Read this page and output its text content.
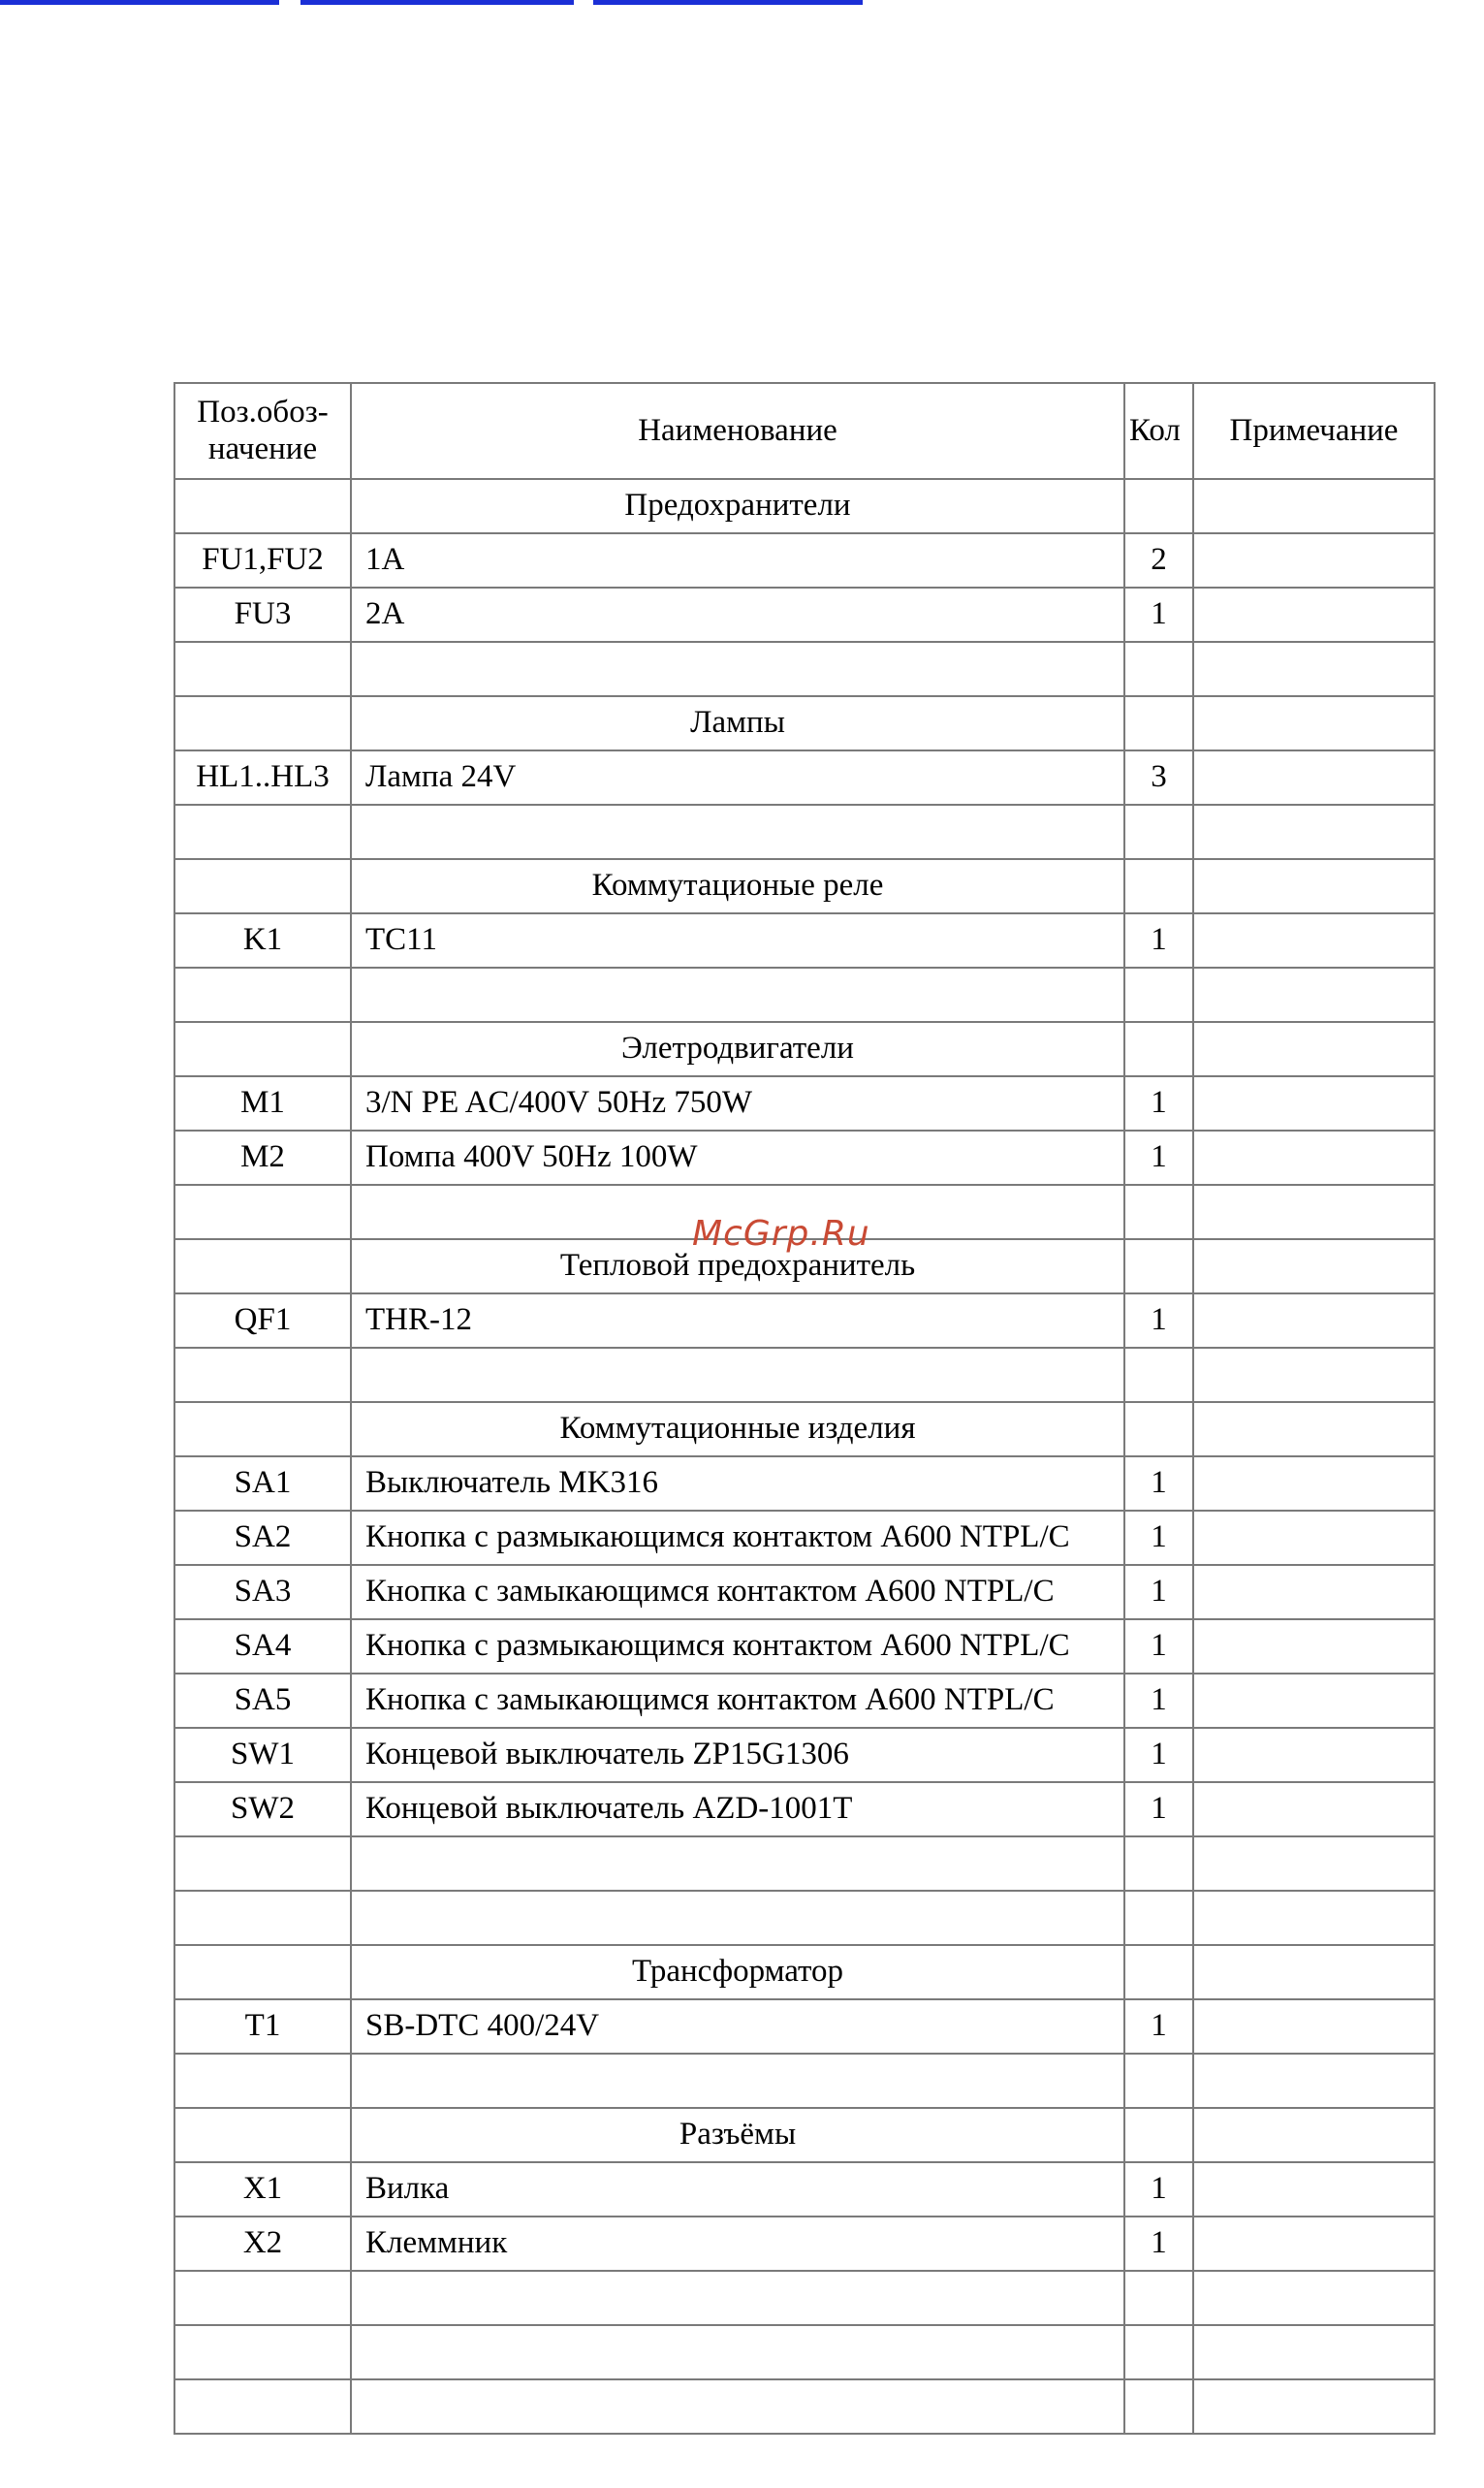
Поз.обоз-
начение	Наименование	Кол	Примечание
	Предохранители		
FU1,FU2	1A	2	
FU3	2A	1	

	Лампы		
HL1..HL3	Лампа 24V	3	

	Коммутационые реле		
K1	TC11	1	

	Элетродвигатели		
M1	3/N PE AC/400V 50Hz 750W	1	
M2	Помпа 400V 50Hz 100W	1	

	Тепловой предохранитель		
QF1	THR-12	1	

	Коммутационные изделия		
SA1	Выключатель MK316	1	
SA2	Кнопка с размыкающимся контактом A600 NTPL/C	1	
SA3	Кнопка с замыкающимся контактом A600 NTPL/C	1	
SA4	Кнопка с размыкающимся контактом A600 NTPL/C	1	
SA5	Кнопка с замыкающимся контактом A600 NTPL/C	1	
SW1	Концевой выключатель ZP15G1306	1	
SW2	Концевой выключатель AZD-1001T	1	

	Трансформатор		
T1	SB-DTC 400/24V	1	

	Разъёмы		
X1	Вилка	1	
X2	Клеммник	1	

McGrp.Ru
